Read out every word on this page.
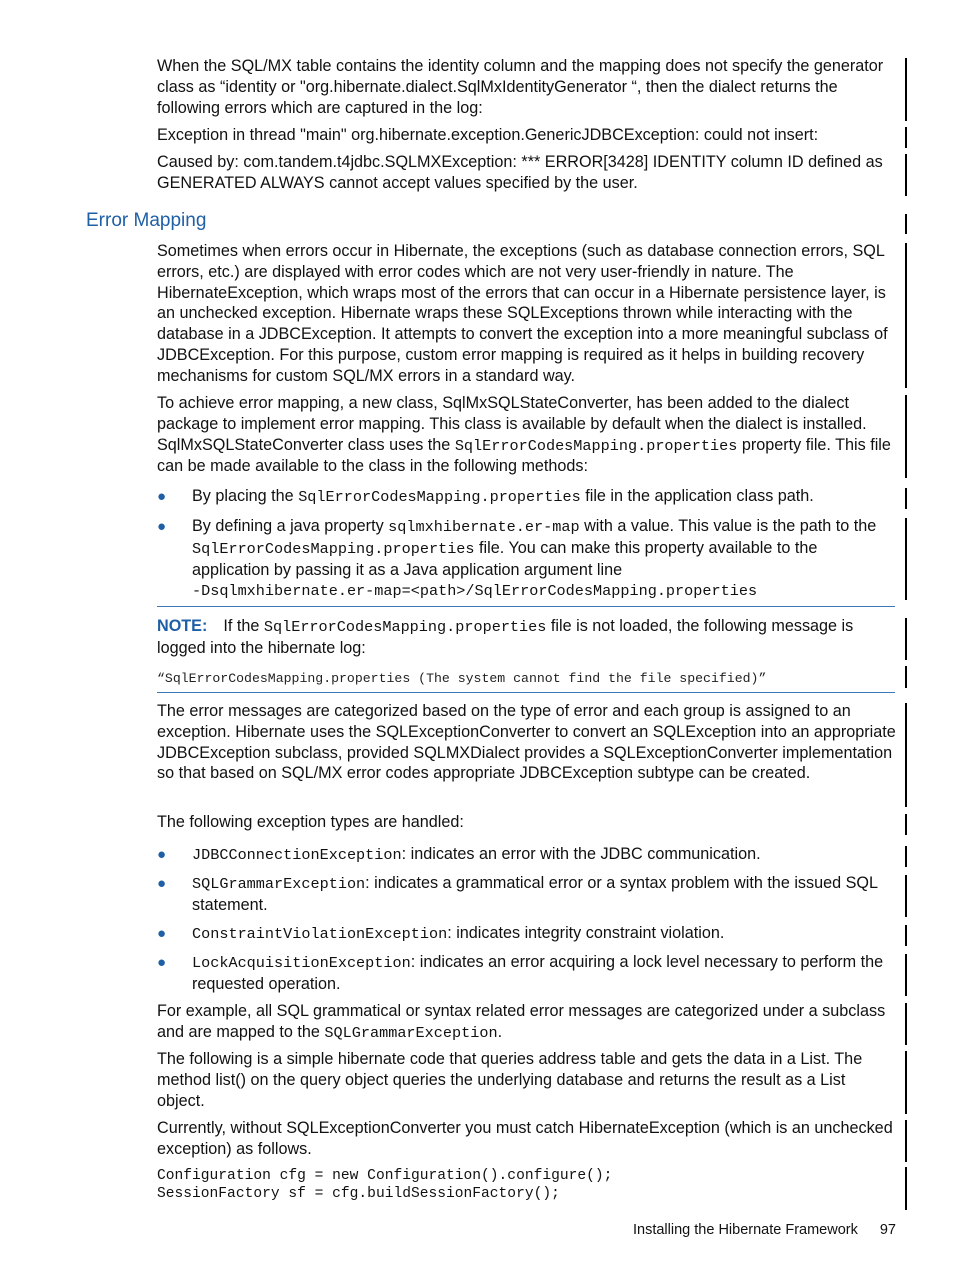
When the SQL/MX table contains the identity column and the mapping does not specify the generator class as “identity or "org.hibernate.dialect.SqlMxIdentityGenerator “, then the dialect returns the following errors which are captured in the log:

Exception in thread "main" org.hibernate.exception.GenericJDBCException: could not insert:

Caused by: com.tandem.t4jdbc.SQLMXException: *** ERROR[3428] IDENTITY column ID defined as GENERATED ALWAYS cannot accept values specified by the user.

Error Mapping

Sometimes when errors occur in Hibernate, the exceptions (such as database connection errors, SQL errors, etc.) are displayed with error codes which are not very user-friendly in nature. The HibernateException, which wraps most of the errors that can occur in a Hibernate persistence layer, is an unchecked exception. Hibernate wraps these SQLExceptions thrown while interacting with the database in a JDBCException. It attempts to convert the exception into a more meaningful subclass of JDBCException. For this purpose, custom error mapping is required as it helps in building recovery mechanisms for custom SQL/MX errors in a standard way.

To achieve error mapping, a new class, SqlMxSQLStateConverter, has been added to the dialect package to implement error mapping. This class is available by default when the dialect is installed. SqlMxSQLStateConverter class uses the SqlErrorCodesMapping.properties property file. This file can be made available to the class in the following methods:

● By placing the SqlErrorCodesMapping.properties file in the application class path.
● By defining a java property sqlmxhibernate.er-map with a value. This value is the path to the SqlErrorCodesMapping.properties file. You can make this property available to the application by passing it as a Java application argument line
-Dsqlmxhibernate.er-map=<path>/SqlErrorCodesMapping.properties

NOTE: If the SqlErrorCodesMapping.properties file is not loaded, the following message is logged into the hibernate log:

“SqlErrorCodesMapping.properties (The system cannot find the file specified)”

The error messages are categorized based on the type of error and each group is assigned to an exception. Hibernate uses the SQLExceptionConverter to convert an SQLException into an appropriate JDBCException subclass, provided SQLMXDialect provides a SQLExceptionConverter implementation so that based on SQL/MX error codes appropriate JDBCException subtype can be created.

The following exception types are handled:

● JDBCConnectionException: indicates an error with the JDBC communication.
● SQLGrammarException: indicates a grammatical error or a syntax problem with the issued SQL statement.
● ConstraintViolationException: indicates integrity constraint violation.
● LockAcquisitionException: indicates an error acquiring a lock level necessary to perform the requested operation.

For example, all SQL grammatical or syntax related error messages are categorized under a subclass and are mapped to the SQLGrammarException.

The following is a simple hibernate code that queries address table and gets the data in a List. The method list() on the query object queries the underlying database and returns the result as a List object.

Currently, without SQLExceptionConverter you must catch HibernateException (which is an unchecked exception) as follows.

Configuration cfg = new Configuration().configure();
SessionFactory sf = cfg.buildSessionFactory();
Installing the Hibernate Framework 97
